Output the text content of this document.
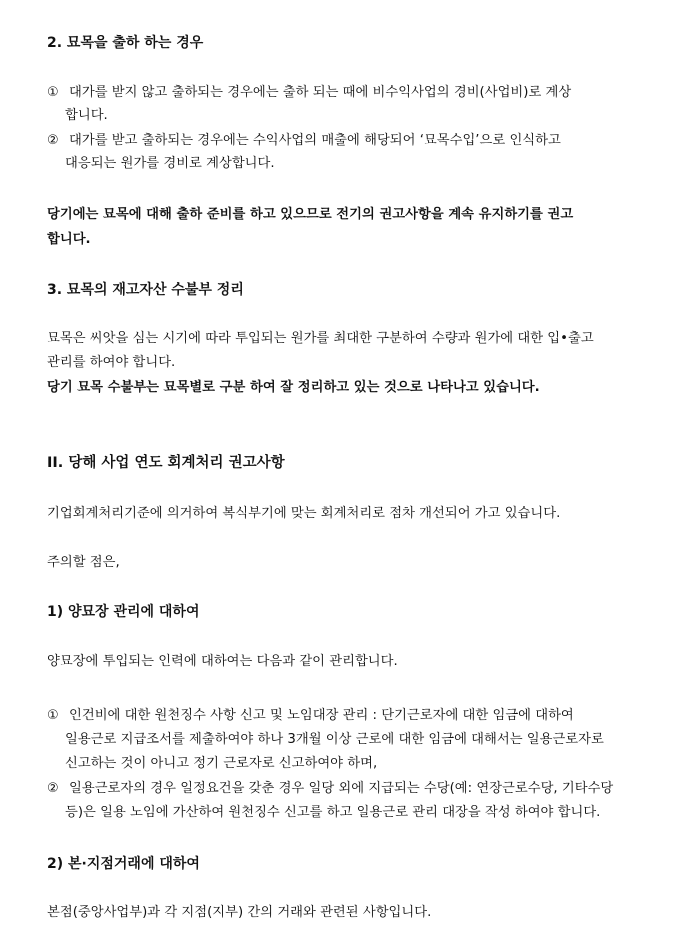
2. 묘목을 출하 하는 경우
① 대가를 받지 않고 출하되는 경우에는 출하 되는 때에 비수익사업의 경비(사업비)로 계상
합니다.
② 대가를 받고 출하되는 경우에는 수익사업의 매출에 해당되어 ‘묘목수입’으로 인식하고
대응되는 원가를 경비로 계상합니다.
당기에는 묘목에 대해 출하 준비를 하고 있으므로 전기의 권고사항을 계속 유지하기를 권고
합니다.
3. 묘목의 재고자산 수불부 정리
묘목은 씨앗을 심는 시기에 따라 투입되는 원가를 최대한 구분하여 수량과 원가에 대한 입•출고
관리를 하여야 합니다.
당기 묘목 수불부는 묘목별로 구분 하여 잘 정리하고 있는 것으로 나타나고 있습니다.
II. 당해 사업 연도 회계처리 권고사항
기업회계처리기준에 의거하여 복식부기에 맞는 회계처리로 점차 개선되어 가고 있습니다.
주의할 점은,
1) 양묘장 관리에 대하여
양묘장에 투입되는 인력에 대하여는 다음과 같이 관리합니다.
① 인건비에 대한 원천징수 사항 신고 및 노임대장 관리 : 단기근로자에 대한 임금에 대하여
일용근로 지급조서를 제출하여야 하나 3개월 이상 근로에 대한 임금에 대해서는 일용근로자로
신고하는 것이 아니고 정기 근로자로 신고하여야 하며,
② 일용근로자의 경우 일정요건을 갖춘 경우 일당 외에 지급되는 수당(예: 연장근로수당, 기타수당
등)은 일용 노임에 가산하여 원천징수 신고를 하고 일용근로 관리 대장을 작성 하여야 합니다.
2) 본·지점거래에 대하여
본점(중앙사업부)과 각 지점(지부) 간의 거래와 관련된 사항입니다.
